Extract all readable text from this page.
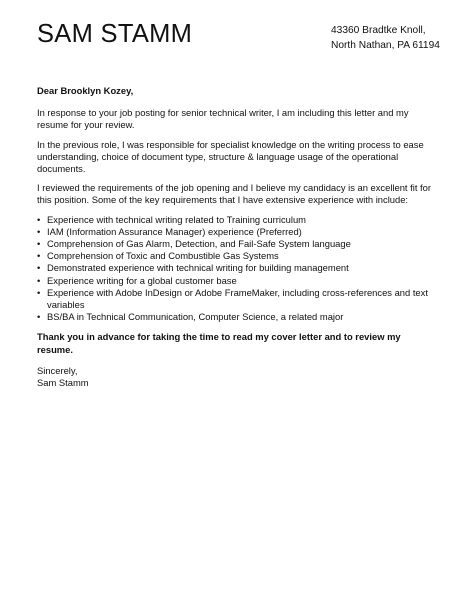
SAM STAMM	43360 Bradtke Knoll,
North Nathan, PA 61194

Dear Brooklyn Kozey,

In response to your job posting for senior technical writer, I am including this letter and my resume for your review.

In the previous role, I was responsible for specialist knowledge on the writing process to ease understanding, choice of document type, structure & language usage of the operational documents.

I reviewed the requirements of the job opening and I believe my candidacy is an excellent fit for this position. Some of the key requirements that I have extensive experience with include:

• Experience with technical writing related to Training curriculum
• IAM (Information Assurance Manager) experience (Preferred)
• Comprehension of Gas Alarm, Detection, and Fail-Safe System language
• Comprehension of Toxic and Combustible Gas Systems
• Demonstrated experience with technical writing for building management
• Experience writing for a global customer base
• Experience with Adobe InDesign or Adobe FrameMaker, including cross-references and text variables
• BS/BA in Technical Communication, Computer Science, a related major

Thank you in advance for taking the time to read my cover letter and to review my resume.

Sincerely,
Sam Stamm
